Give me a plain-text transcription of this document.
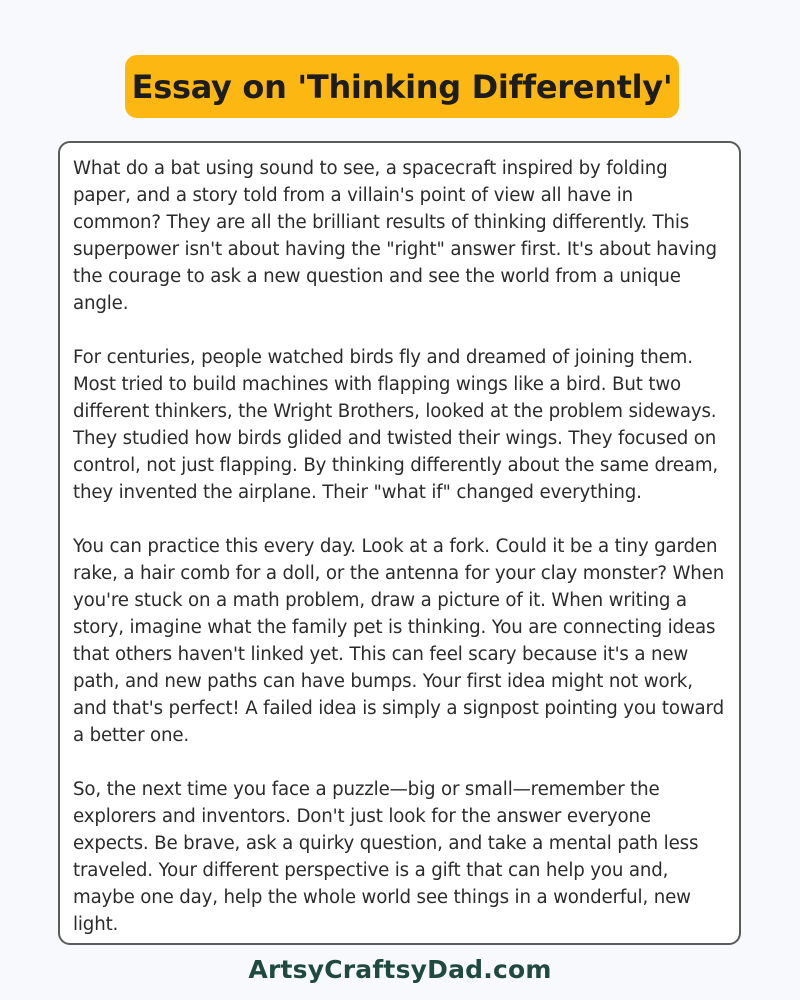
Essay on 'Thinking Differently'

What do a bat using sound to see, a spacecraft inspired by folding paper, and a story told from a villain's point of view all have in common? They are all the brilliant results of thinking differently. This superpower isn't about having the "right" answer first. It's about having the courage to ask a new question and see the world from a unique angle.

For centuries, people watched birds fly and dreamed of joining them. Most tried to build machines with flapping wings like a bird. But two different thinkers, the Wright Brothers, looked at the problem sideways. They studied how birds glided and twisted their wings. They focused on control, not just flapping. By thinking differently about the same dream, they invented the airplane. Their "what if" changed everything.

You can practice this every day. Look at a fork. Could it be a tiny garden rake, a hair comb for a doll, or the antenna for your clay monster? When you're stuck on a math problem, draw a picture of it. When writing a story, imagine what the family pet is thinking. You are connecting ideas that others haven't linked yet. This can feel scary because it's a new path, and new paths can have bumps. Your first idea might not work, and that's perfect! A failed idea is simply a signpost pointing you toward a better one.

So, the next time you face a puzzle—big or small—remember the explorers and inventors. Don't just look for the answer everyone expects. Be brave, ask a quirky question, and take a mental path less traveled. Your different perspective is a gift that can help you and, maybe one day, help the whole world see things in a wonderful, new light.

ArtsyCraftsyDad.com
